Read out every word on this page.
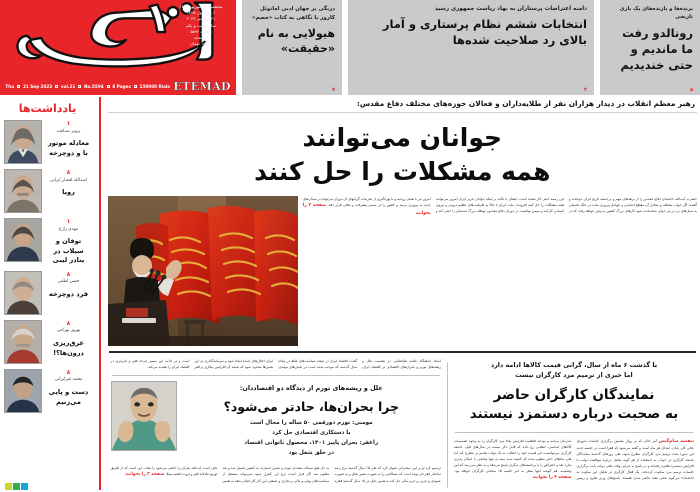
پنجشنبه ۳۰ شهریور ۱۴۰۲
۶ ربیع‌الاول ۱۴۴۵
۲۱ سپتامبر ۲۰۲۳
سال بیست و یکم
شماره ۵۵۹۴
۸ صفحه
۱۵۰۰۰ تومان
ETEMAD
Thu 21 Sep 2023 vol.21 No.5594 8 Pages 150000 Rials
درنگی بر جهان ادبی امانوئل کارور با نگاهی به کتاب «خصم»
هیولایی به نام «حقیقت»
۷
دامنه اعتراضات پرستاران به نهاد ریاست جمهوری رسید
انتخابات ششم نظام پرستاری و آمار بالای رد صلاحیت شده‌ها
۲
برنده‌ها و بازنده‌های یک بازی تاریخی
رونالدو رفت ما ماندیم و حتی خندیدیم
۵
یادداشت‌ها
۱
پرویز صداقت
معادله موتور با و دوچرخه
۸
اسدالله افشار ایرانی
رویا
۱
مهدی زارع
توفان و سیلاب در بنادر لیبی
۸
حسن لطفی
فرد دوچرخه
۸
بهروز بهرامی
عرق‌ریزی درون‌ها؟!
۸
محمد غیرایرانی
دست و پایی می‌زنیم
رهبر معظم انقلاب در دیدار هزاران نفر از طلایه‌داران و فعالان حوزه‌های مختلف دفاع مقدس:
جوانان می‌توانند
همه مشکلات را حل کنند
حضرت آیت‌الله خامنه‌ای دفاع مقدس را از برهه‌های مهم و برجسته تاریخ ایران خواندند و گفتند: اگر جواب مختلف و معادل آن مقطع اساسی و عوامل پیروزی ملت در جنگ تحمیلی به نسل‌های پی در پی جوان شناسانده شود کارهای بزرگ کشور به پیش خواهد رفت که در این زمینه خیلی کار نشده است. ایشان با تاکید بر اینکه جوانان عزیز ایران امروز می‌توانند همه مشکلات را حل کنند افزودند: ملت ایران با اتکا به ظرفیت‌های عظیم درونی و نیروی انسانی کارآمد و مومن توانست در دوران دفاع مقدس، توطئه بزرگ دشمنان را خنثی کند و امروز نیز با همان روحیه و با بهره‌گیری از تجربیات گرانبهای آن دوران می‌تواند در میدان‌های جدید به پیروزی برسد و کشور را در مسیر پیشرفت و تعالی قرار دهد. صفحه ۲ را بخوانید
استاد دانشگاه علامه طباطبایی در نشست علل و ریشه‌های تورم و بحران‌های اقتصادی در اقتصاد ایران گفت: اقتصاد ایران در نتیجه سیاست‌های غلط در پنجاه سال گذشته که موجب شده است در بخش‌های تولیدی ایران اخلال‌های عمده ایجاد شود و سرمایه‌گذاری در این بخش‌ها محدود شود که نتیجه آن افزایش بیکاری و فقر است و در ادامه این مسیر چرخه فقر و نابرابری در اقتصاد ایران را تشدید می‌کند.
علل و ریشه‌های تورم از دیدگاه دو اقتصاددان:
چرا بحران‌ها، حادتر می‌شود؟
مومنی: تورم دورقمی ۵۰ ساله را محال است
با دستکاری اقتصادی حل کرد
راغفر: بحران پاییز ۱۴۰۱، محصول ناتوانی اقتصاد
در خلق شغل بود
ترسیم کرد او بر این سخنرانی عنوان کرد که طی ۱۵ سال گذشته نرخ رشد ساختار فقر نان بوده است که مسائلش را به صورت تغییر بقای و به صورت عمودی و جزیی و حرم مالی حل کند به همین دلیل در ۱۵ سال گذشته فقاره به حل هیچ مساله متعددی نبوده و بخش خسارت به کشور تحمیل شد و بعد معلوم شد اگر فراز است نرخ ارز کنترل شود نمی‌تواند مستقل از سیاست‌های پولی و مالی و تجاری و صنعتی این کار کار انجام بدهد به همین دلیل است که فقه بحران را حاضر می‌شود را نجات این است که از طریق توزیع عادلانه فقر و ثروت قضیه مبتلا. صفحه ۳ را بخوانید
با گذشت ۶ ماه از سال، گرانی قیمت کالاها ادامه دارد
اما خبری از ترمیم مزد کارگران نیست
نمایندگان کارگران حاضر
به صحبت درباره دستمزد نیستند
بنفشه سام‌گیس آمر حالی که بر روال معمول برگزاری جلسات شورای عالی کار، پایان، ابتدای هر ماه است و گفته می‌شود که فقرا است در جلسه جدید این شورا بحث ترمیم مزد کارگران مطرح شود، طی روزهای گذشته نمایندگان جامعه کارگری در جواب به استفاده از هر گونه تحلیل درباره موافقت دولت با افزایش دستمزد طفره رفته‌اند و در پاسخ به چرایی وقت تلفی دولت بابت برگزاری جلسات ترمیم مزد سکوت کرده‌اند. یک فعال کارگری در تحلیل این سکوت به «اعتماد» می‌گوید علتی نشد حاضر شدن هستند. پاسخ‌های وزیر تعاون و رییس سازمان برنامه و بودجه قطعیت اقزایش بقاء مزد کارگران را به وجود تصمیمات کالاهای اساسی، انقلابی رخ داده که قابل ذکر نیست در سال‌های قبل، جامعه کارگری می‌توانست امر قیمت خود را خطاب به یک دولت تقدیم بر مطرح کند اما طی ماه‌های اخیر معلوم شده که کمیته سبد سبد به تنها میانجی با امکان پذیری ندارد نقد و اعتراض را با برجسته‌های دیگری پاسخ می‌دهد و به نظر می‌رسد که این وضعیت، هم گوشه انتها بنظر به خبر جلسه ۱۵ میانجی کارگران خواهد بود. صفحه ۴ را بخوانید
